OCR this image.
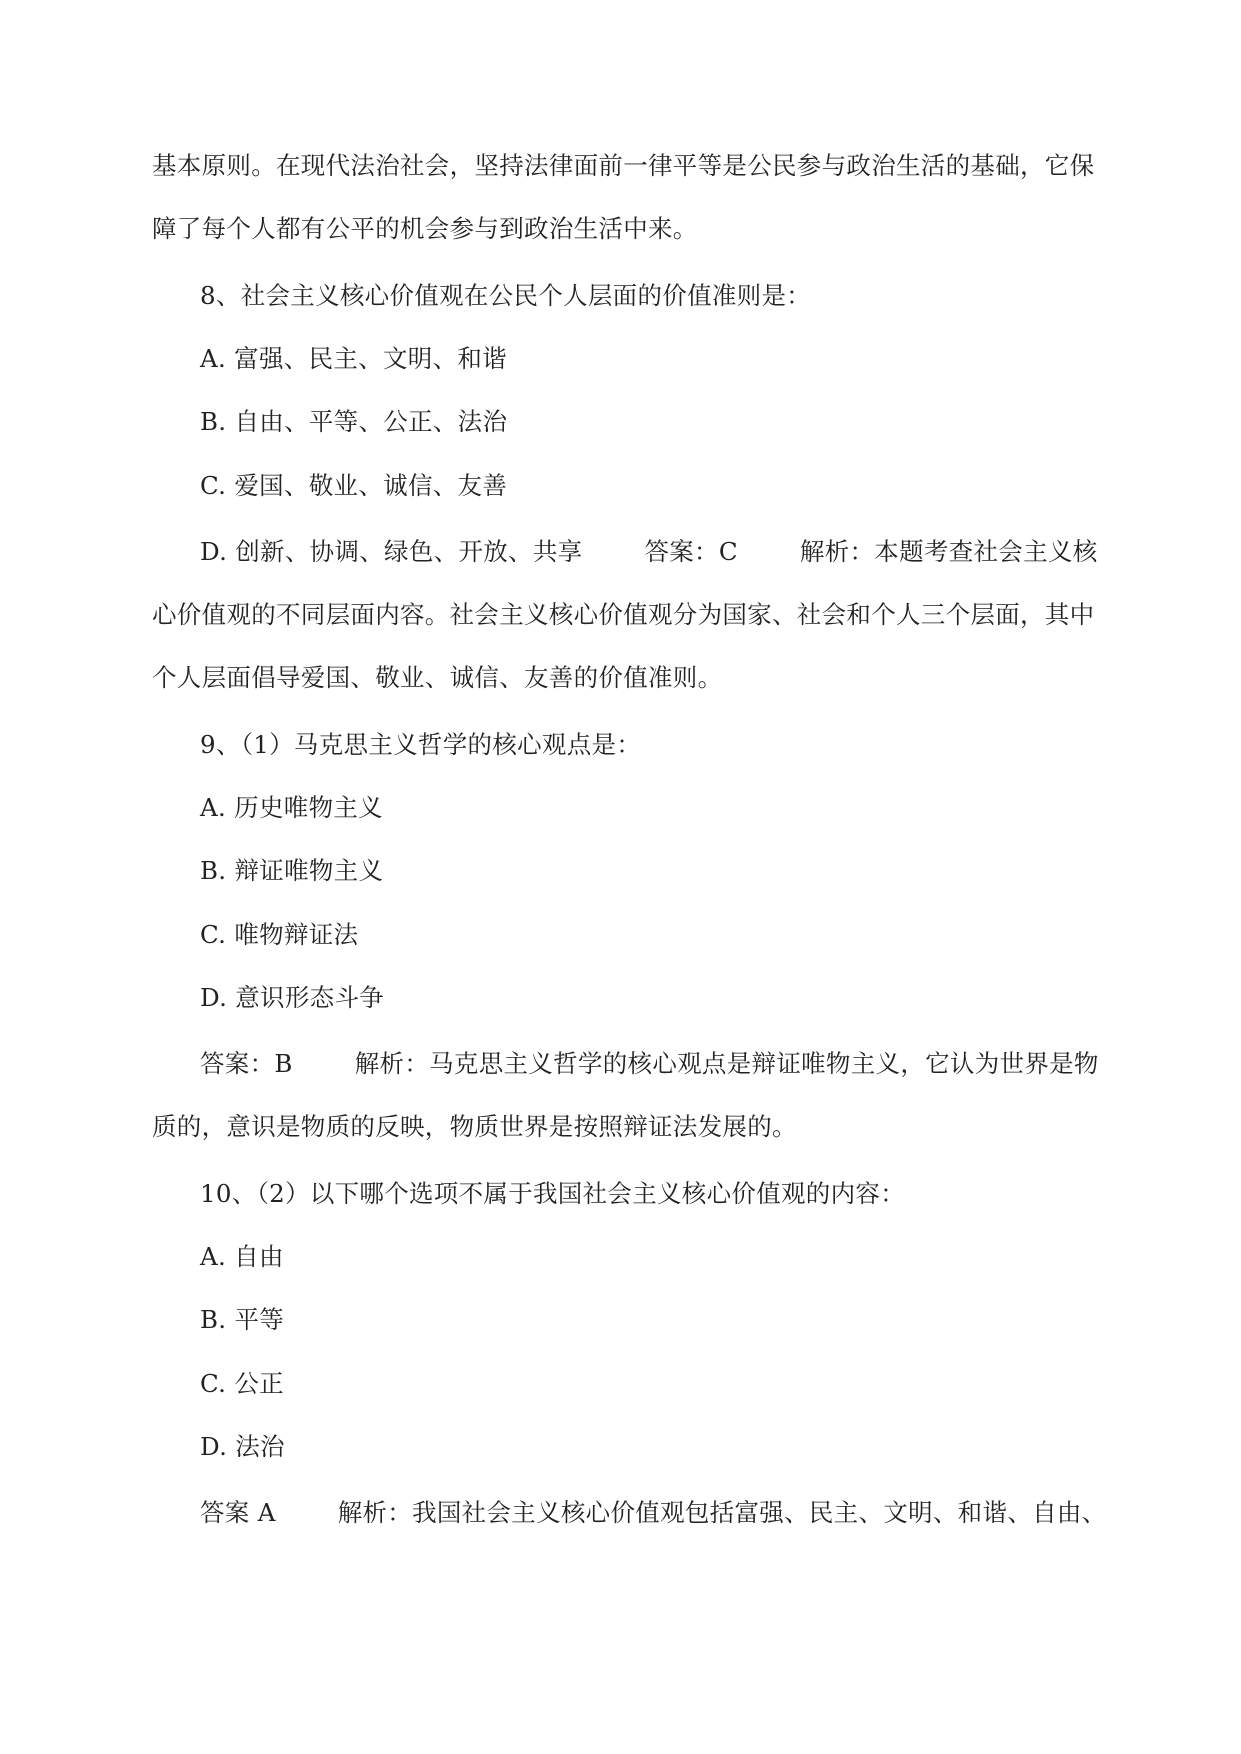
基本原则。在现代法治社会，坚持法律面前一律平等是公民参与政治生活的基础，它保
障了每个人都有公平的机会参与到政治生活中来。
8、社会主义核心价值观在公民个人层面的价值准则是：
A. 富强、民主、文明、和谐
B. 自由、平等、公正、法治
C. 爱国、敬业、诚信、友善
D. 创新、协调、绿色、开放、共享	答案：C	解析：本题考查社会主义核
心价值观的不同层面内容。社会主义核心价值观分为国家、社会和个人三个层面，其中
个人层面倡导爱国、敬业、诚信、友善的价值准则。
9、（1）马克思主义哲学的核心观点是：
A. 历史唯物主义
B. 辩证唯物主义
C. 唯物辩证法
D. 意识形态斗争
答案：B	解析：马克思主义哲学的核心观点是辩证唯物主义，它认为世界是物
质的，意识是物质的反映，物质世界是按照辩证法发展的。
10、（2）以下哪个选项不属于我国社会主义核心价值观的内容：
A. 自由
B. 平等
C. 公正
D. 法治
答案 A	解析：我国社会主义核心价值观包括富强、民主、文明、和谐、自由、
